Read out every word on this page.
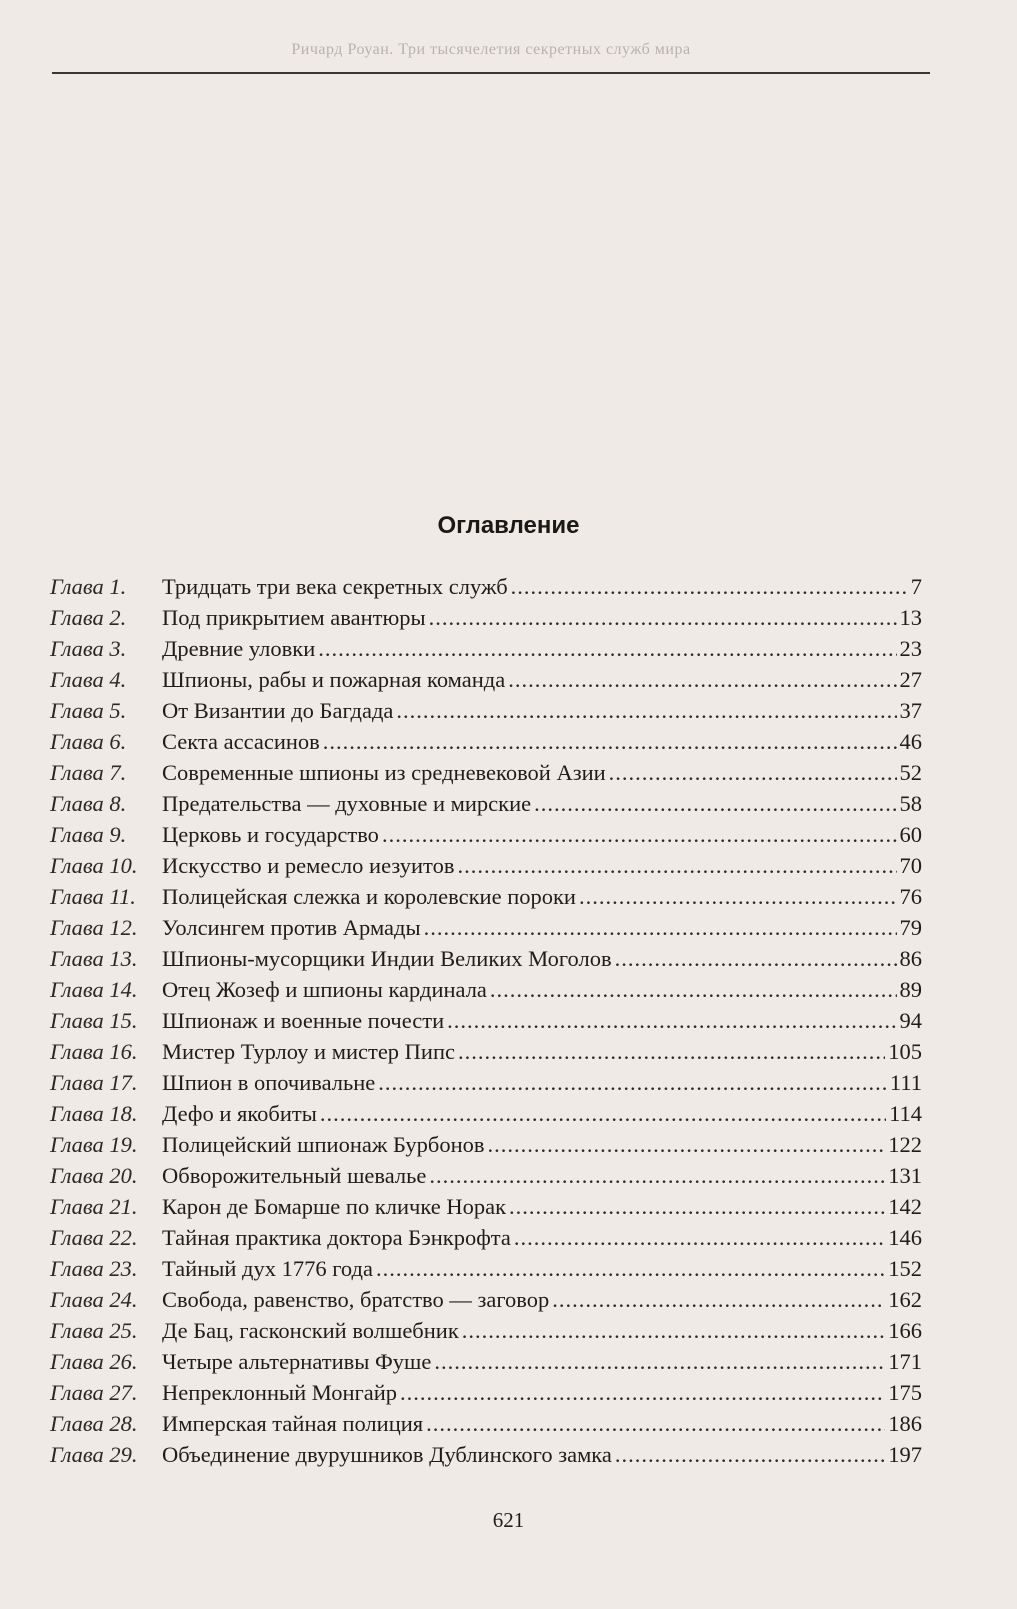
Ричард Роуан. Три тысячелетия секретных служб мира
Оглавление
Глава 1.	Тридцать три века секретных служб .....	7
Глава 2.	Под прикрытием авантюры .....	13
Глава 3.	Древние уловки .....	23
Глава 4.	Шпионы, рабы и пожарная команда .....	27
Глава 5.	От Византии до Багдада .....	37
Глава 6.	Секта ассасинов .....	46
Глава 7.	Современные шпионы из средневековой Азии .....	52
Глава 8.	Предательства — духовные и мирские .....	58
Глава 9.	Церковь и государство .....	60
Глава 10.	Искусство и ремесло иезуитов .....	70
Глава 11.	Полицейская слежка и королевские пороки .....	76
Глава 12.	Уолсингем против Армады .....	79
Глава 13.	Шпионы-мусорщики Индии Великих Моголов .....	86
Глава 14.	Отец Жозеф и шпионы кардинала .....	89
Глава 15.	Шпионаж и военные почести .....	94
Глава 16.	Мистер Турлоу и мистер Пипс .....	105
Глава 17.	Шпион в опочивальне .....	111
Глава 18.	Дефо и якобиты .....	114
Глава 19.	Полицейский шпионаж Бурбонов .....	122
Глава 20.	Обворожительный шевалье .....	131
Глава 21.	Карон де Бомарше по кличке Норак .....	142
Глава 22.	Тайная практика доктора Бэнкрофта .....	146
Глава 23.	Тайный дух 1776 года .....	152
Глава 24.	Свобода, равенство, братство — заговор .....	162
Глава 25.	Де Бац, гасконский волшебник .....	166
Глава 26.	Четыре альтернативы Фуше .....	171
Глава 27.	Непреклонный Монгайр .....	175
Глава 28.	Имперская тайная полиция .....	186
Глава 29.	Объединение двурушников Дублинского замка .....	197
621
